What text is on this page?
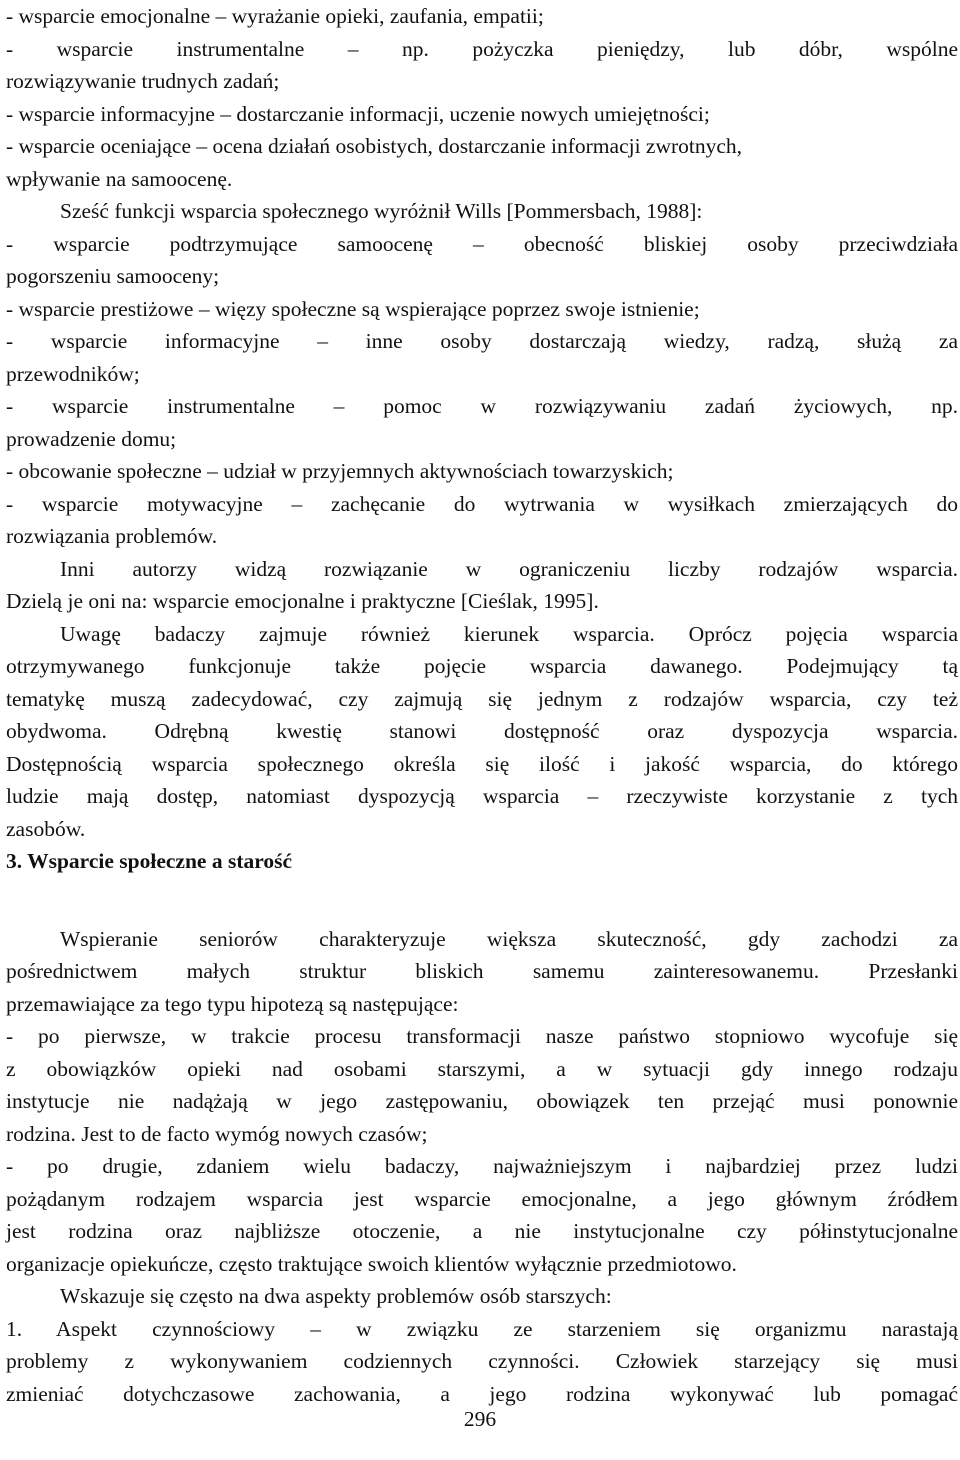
- wsparcie emocjonalne – wyrażanie opieki, zaufania, empatii;
- wsparcie instrumentalne – np. pożyczka pieniędzy, lub dóbr, wspólne
rozwiązywanie trudnych zadań;
- wsparcie informacyjne – dostarczanie informacji, uczenie nowych umiejętności;
- wsparcie oceniające – ocena działań osobistych, dostarczanie informacji zwrotnych,
wpływanie na samoocenę.
Sześć funkcji wsparcia społecznego wyróżnił Wills [Pommersbach, 1988]:
- wsparcie podtrzymujące samoocenę – obecność bliskiej osoby przeciwdziała
pogorszeniu samooceny;
- wsparcie prestiżowe – więzy społeczne są wspierające poprzez swoje istnienie;
- wsparcie informacyjne – inne osoby dostarczają wiedzy, radzą, służą za
przewodników;
- wsparcie instrumentalne – pomoc w rozwiązywaniu zadań życiowych, np.
prowadzenie domu;
- obcowanie społeczne – udział w przyjemnych aktywnościach towarzyskich;
- wsparcie motywacyjne – zachęcanie do wytrwania w wysiłkach zmierzających do
rozwiązania problemów.
Inni autorzy widzą rozwiązanie w ograniczeniu liczby rodzajów wsparcia.
Dzielą je oni na: wsparcie emocjonalne i praktyczne [Cieślak, 1995].
Uwagę badaczy zajmuje również kierunek wsparcia. Oprócz pojęcia wsparcia
otrzymywanego funkcjonuje także pojęcie wsparcia dawanego. Podejmujący tą
tematykę muszą zadecydować, czy zajmują się jednym z rodzajów wsparcia, czy też
obydwoma. Odrębną kwestię stanowi dostępność oraz dyspozycja wsparcia.
Dostępnością wsparcia społecznego określa się ilość i jakość wsparcia, do którego
ludzie mają dostęp, natomiast dyspozycją wsparcia – rzeczywiste korzystanie z tych
zasobów.
3. Wsparcie społeczne a starość
Wspieranie seniorów charakteryzuje większa skuteczność, gdy zachodzi za
pośrednictwem małych struktur bliskich samemu zainteresowanemu. Przesłanki
przemawiające za tego typu hipotezą są następujące:
- po pierwsze, w trakcie procesu transformacji nasze państwo stopniowo wycofuje się
z obowiązków opieki nad osobami starszymi, a w sytuacji gdy innego rodzaju
instytucje nie nadążają w jego zastępowaniu, obowiązek ten przejąć musi ponownie
rodzina. Jest to de facto wymóg nowych czasów;
- po drugie, zdaniem wielu badaczy, najważniejszym i najbardziej przez ludzi
pożądanym rodzajem wsparcia jest wsparcie emocjonalne, a jego głównym źródłem
jest rodzina oraz najbliższe otoczenie, a nie instytucjonalne czy półinstytucjonalne
organizacje opiekuńcze, często traktujące swoich klientów wyłącznie przedmiotowo.
Wskazuje się często na dwa aspekty problemów osób starszych:
1. Aspekt czynnościowy – w związku ze starzeniem się organizmu narastają
problemy z wykonywaniem codziennych czynności. Człowiek starzejący się musi
zmieniać dotychczasowe zachowania, a jego rodzina wykonywać lub pomagać
296
